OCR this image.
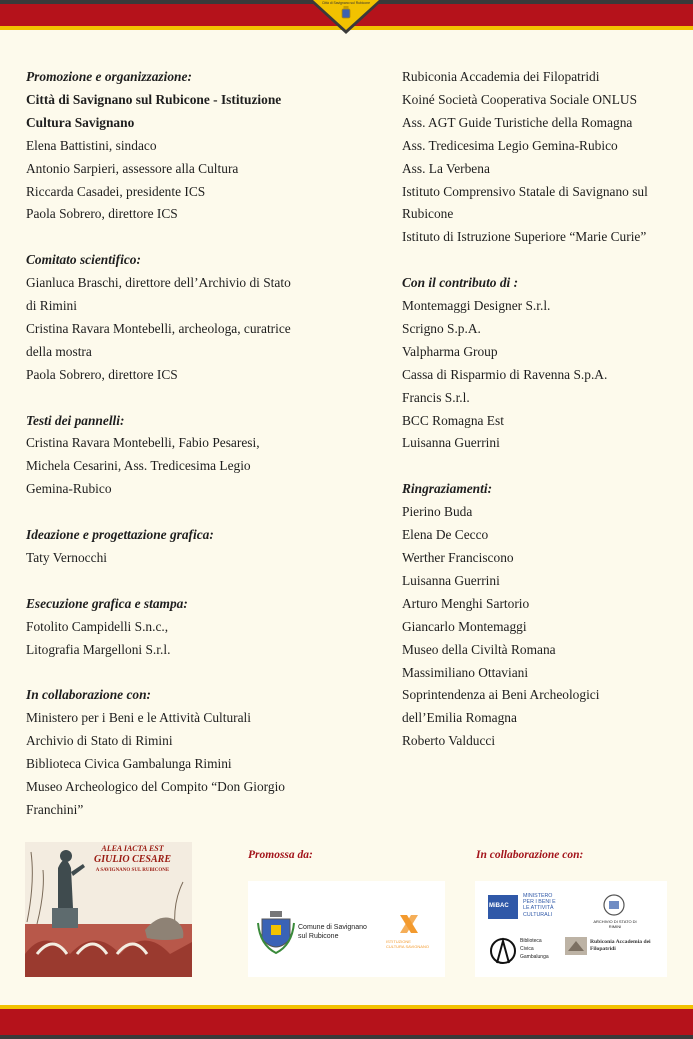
Città di Savignano sul Rubicone
Promozione e organizzazione:
Città di Savignano sul Rubicone - Istituzione
Cultura Savignano
Elena Battistini, sindaco
Antonio Sarpieri, assessore alla Cultura
Riccarda Casadei, presidente ICS
Paola Sobrero, direttore ICS
Comitato scientifico:
Gianluca Braschi, direttore dell’Archivio di Stato
di Rimini
Cristina Ravara Montebelli, archeologa, curatrice
della mostra
Paola Sobrero, direttore ICS
Testi dei pannelli:
Cristina Ravara Montebelli, Fabio Pesaresi,
Michela Cesarini, Ass. Tredicesima Legio
Gemina-Rubico
Ideazione e progettazione grafica:
Taty Vernocchi
Esecuzione grafica e stampa:
Fotolito Campidelli S.n.c.,
Litografia Margelloni S.r.l.
In collaborazione con:
Ministero per i Beni e le Attività Culturali
Archivio di Stato di Rimini
Biblioteca Civica Gambalunga Rimini
Museo Archeologico del Compito “Don Giorgio
Franchini”
Rubiconia Accademia dei Filopatridi
Koiné Società Cooperativa Sociale ONLUS
Ass. AGT Guide Turistiche della Romagna
Ass. Tredicesima Legio Gemina-Rubico
Ass. La Verbena
Istituto Comprensivo Statale di Savignano sul
Rubicone
Istituto di Istruzione Superiore “Marie Curie”
Con il contributo di :
Montemaggi Designer S.r.l.
Scrigno S.p.A.
Valpharma Group
Cassa di Risparmio di Ravenna S.p.A.
Francis S.r.l.
BCC Romagna Est
Luisanna Guerrini
Ringraziamenti:
Pierino Buda
Elena De Cecco
Werther Franciscono
Luisanna Guerrini
Arturo Menghi Sartorio
Giancarlo Montemaggi
Museo della Civiltà Romana
Massimiliano Ottaviani
Soprintendenza ai Beni Archeologici
dell’Emilia Romagna
Roberto Valducci
ALEA IACTA EST
GIULIO CESARE
A SAVIGNANO SUL RUBICONE
Promossa da:
Comune di Savignano sul Rubicone
ISTITUZIONE
CULTURA SAVIGNANO
In collaborazione con:
MiBAC
MINISTERO PER I BENI E LE ATTIVITÀ CULTURALI
ARCHIVIO DI STATO DI RIMINI
Biblioteca Civica Gambalunga
Rubiconia Accademia dei Filopatridi
